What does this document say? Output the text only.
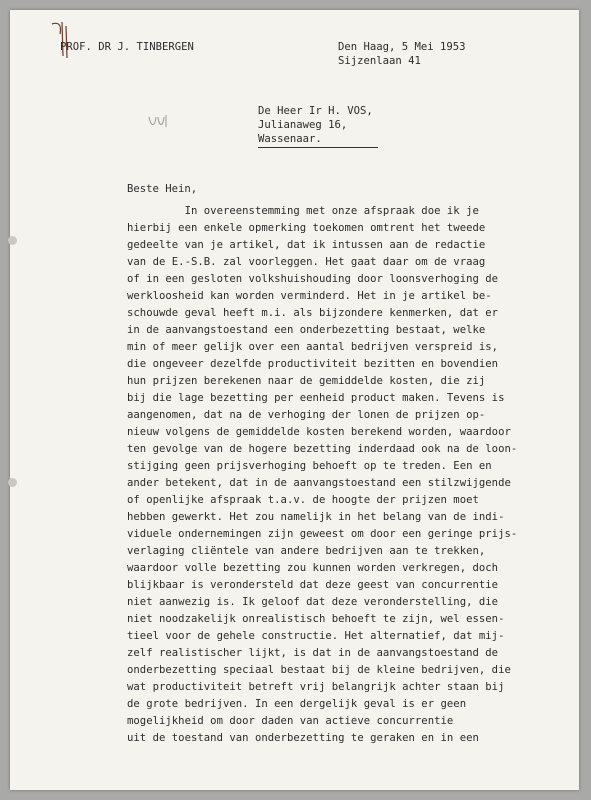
PROF. DR J. TINBERGEN	Den Haag, 5 Mei 1953
Sijzenlaan 41
De Heer Ir H. VOS,
Julianaweg 16,
Wassenaar.
Beste Hein,
In overeenstemming met onze afspraak doe ik je
hierbij een enkele opmerking toekomen omtrent het tweede
gedeelte van je artikel, dat ik intussen aan de redactie
van de E.-S.B. zal voorleggen. Het gaat daar om de vraag
of in een gesloten volkshuishouding door loonsverhoging de
werkloosheid kan worden verminderd. Het in je artikel be-
schouwde geval heeft m.i. als bijzondere kenmerken, dat er
in de aanvangstoestand een onderbezetting bestaat, welke
min of meer gelijk over een aantal bedrijven verspreid is,
die ongeveer dezelfde productiviteit bezitten en bovendien
hun prijzen berekenen naar de gemiddelde kosten, die zij
bij die lage bezetting per eenheid product maken. Tevens is
aangenomen, dat na de verhoging der lonen de prijzen op-
nieuw volgens de gemiddelde kosten berekend worden, waardoor
ten gevolge van de hogere bezetting inderdaad ook na de loon-
stijging geen prijsverhoging behoeft op te treden. Een en
ander betekent, dat in de aanvangstoestand een stilzwijgende
of openlijke afspraak t.a.v. de hoogte der prijzen moet
hebben gewerkt. Het zou namelijk in het belang van de indi-
viduele ondernemingen zijn geweest om door een geringe prijs-
verlaging cliëntele van andere bedrijven aan te trekken,
waardoor volle bezetting zou kunnen worden verkregen, doch
blijkbaar is verondersteld dat deze geest van concurrentie
niet aanwezig is. Ik geloof dat deze veronderstelling, die
niet noodzakelijk onrealistisch behoeft te zijn, wel essen-
tieel voor de gehele constructie. Het alternatief, dat mij-
zelf realistischer lijkt, is dat in de aanvangstoestand de
onderbezetting speciaal bestaat bij de kleine bedrijven, die
wat productiviteit betreft vrij belangrijk achter staan bij
de grote bedrijven. In een dergelijk geval is er geen
mogelijkheid om door daden van actieve concurrentie
uit de toestand van onderbezetting te geraken en in een
